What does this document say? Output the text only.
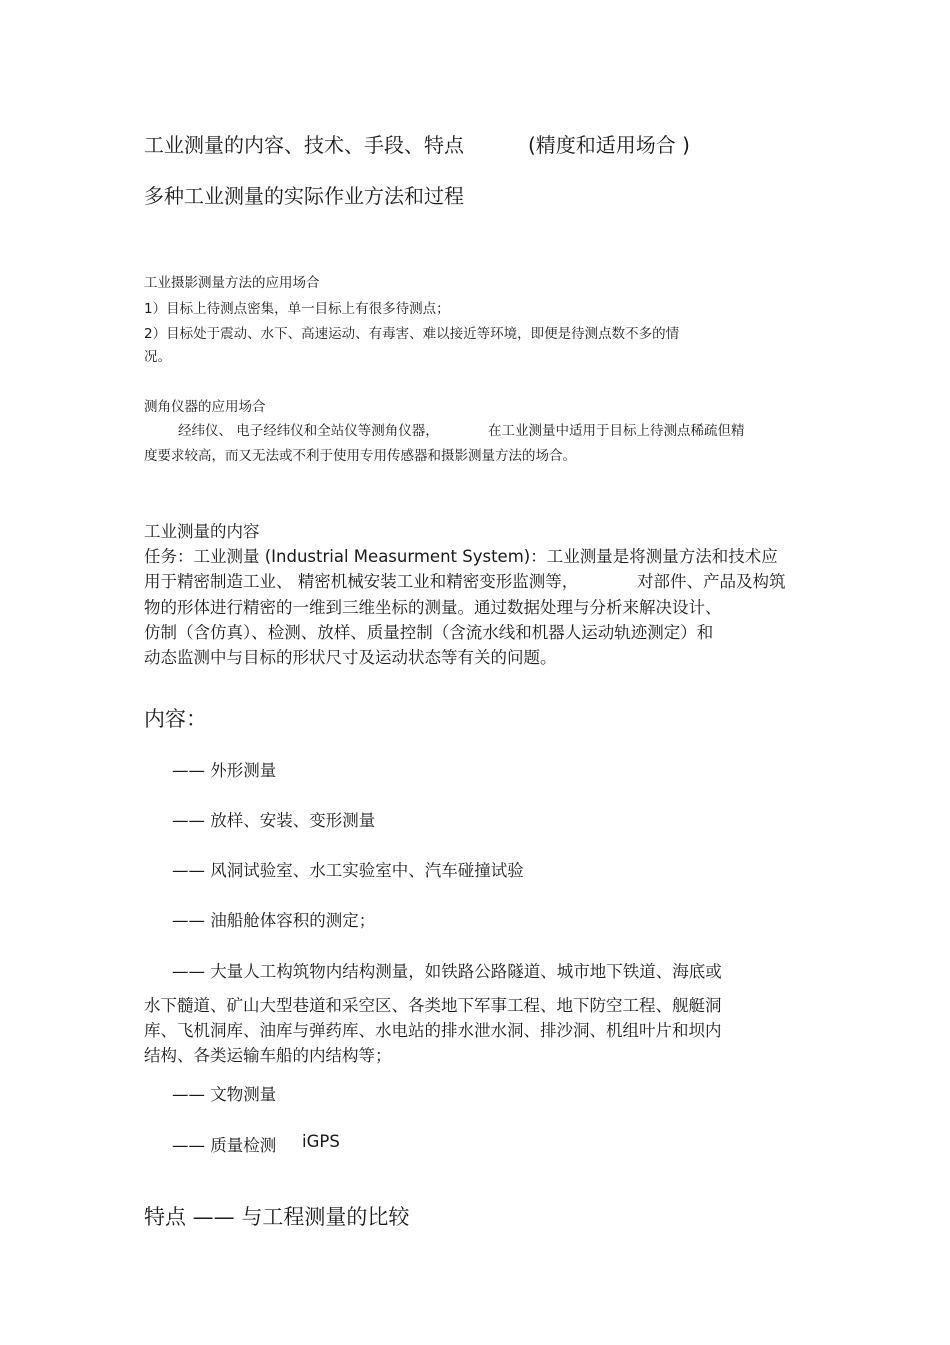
工业测量的内容、技术、手段、特点	(精度和适用场合 )
多种工业测量的实际作业方法和过程
工业摄影测量方法的应用场合
1）目标上待测点密集，单一目标上有很多待测点；
2）目标处于震动、水下、高速运动、有毒害、难以接近等环境，即便是待测点数不多的情
况。
测角仪器的应用场合
经纬仪、 电子经纬仪和全站仪等测角仪器，	在工业测量中适用于目标上待测点稀疏但精
度要求较高，而又无法或不利于使用专用传感器和摄影测量方法的场合。
工业测量的内容
任务：工业测量 (Industrial Measurment System)：工业测量是将测量方法和技术应
用于精密制造工业、 精密机械安装工业和精密变形监测等，	对部件、产品及构筑
物的形体进行精密的一维到三维坐标的测量。通过数据处理与分析来解决设计、
仿制（含仿真）、检测、放样、质量控制（含流水线和机器人运动轨迹测定）和
动态监测中与目标的形状尺寸及运动状态等有关的问题。
内容：
—— 外形测量
—— 放样、安装、变形测量
—— 风洞试验室、水工实验室中、汽车碰撞试验
—— 油船舱体容积的测定；
—— 大量人工构筑物内结构测量，如铁路公路隧道、城市地下铁道、海底或
水下髓道、矿山大型巷道和采空区、各类地下军事工程、地下防空工程、舰艇洞
库、飞机洞库、油库与弹药库、水电站的排水泄水洞、排沙洞、机组叶片和坝内
结构、各类运输车船的内结构等；
—— 文物测量
—— 质量检测 iGPS
特点 —— 与工程测量的比较
